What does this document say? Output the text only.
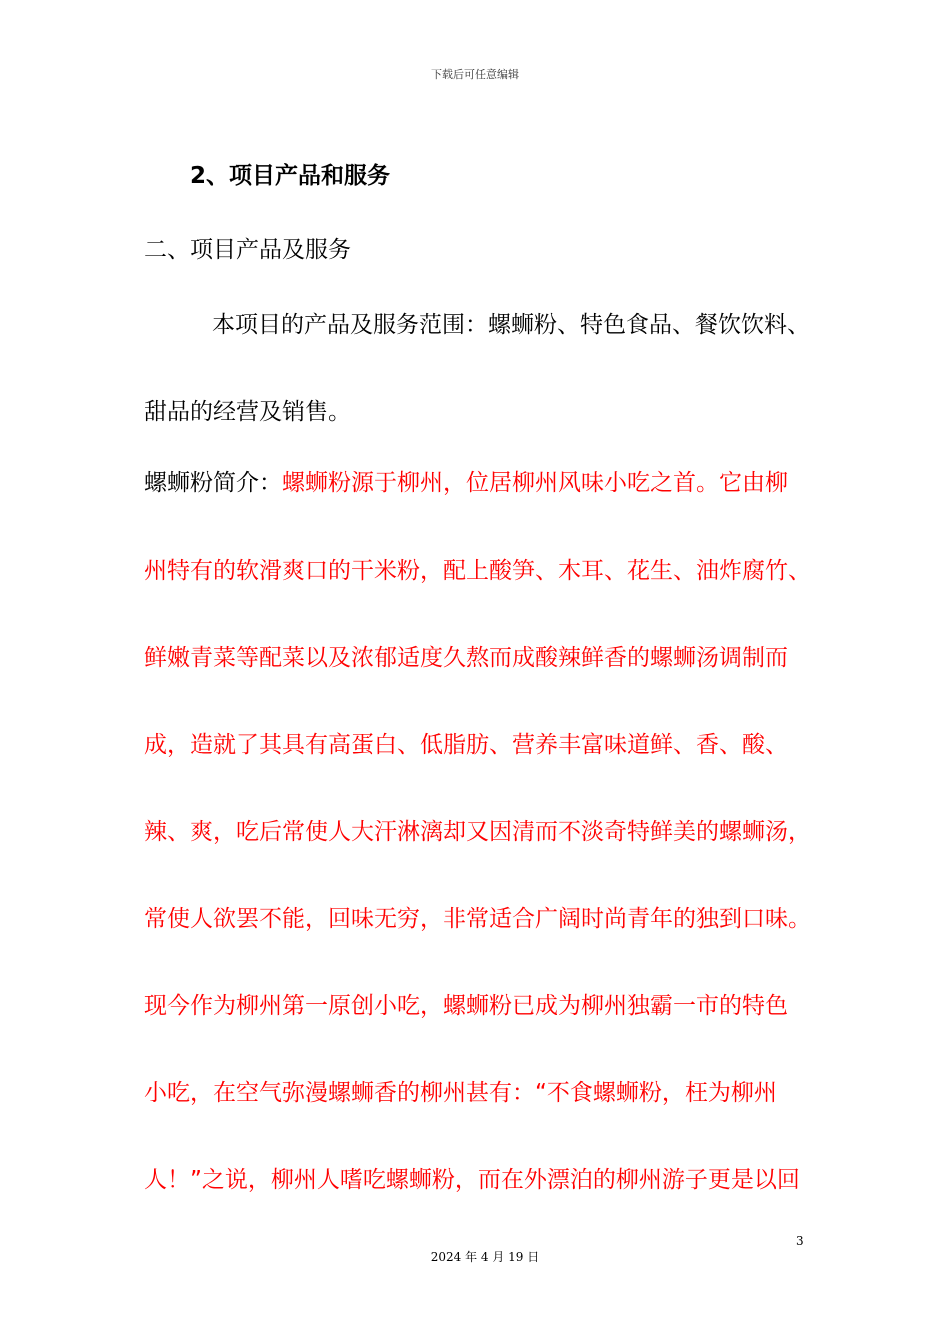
下载后可任意编辑
2、项目产品和服务
二、项目产品及服务
本项目的产品及服务范围：螺蛳粉、特色食品、餐饮饮料、
甜品的经营及销售。
螺蛳粉简介：螺蛳粉源于柳州，位居柳州风味小吃之首。它由柳
州特有的软滑爽口的干米粉，配上酸笋、木耳、花生、油炸腐竹、
鲜嫩青菜等配菜以及浓郁适度久熬而成酸辣鲜香的螺蛳汤调制而
成，造就了其具有高蛋白、低脂肪、营养丰富味道鲜、香、酸、
辣、爽，吃后常使人大汗淋漓却又因清而不淡奇特鲜美的螺蛳汤，
常使人欲罢不能，回味无穷，非常适合广阔时尚青年的独到口味。
现今作为柳州第一原创小吃，螺蛳粉已成为柳州独霸一市的特色
小吃，在空气弥漫螺蛳香的柳州甚有：“不食螺蛳粉，枉为柳州
人！”之说，柳州人嗜吃螺蛳粉，而在外漂泊的柳州游子更是以回
3
2024 年 4 月 19 日
